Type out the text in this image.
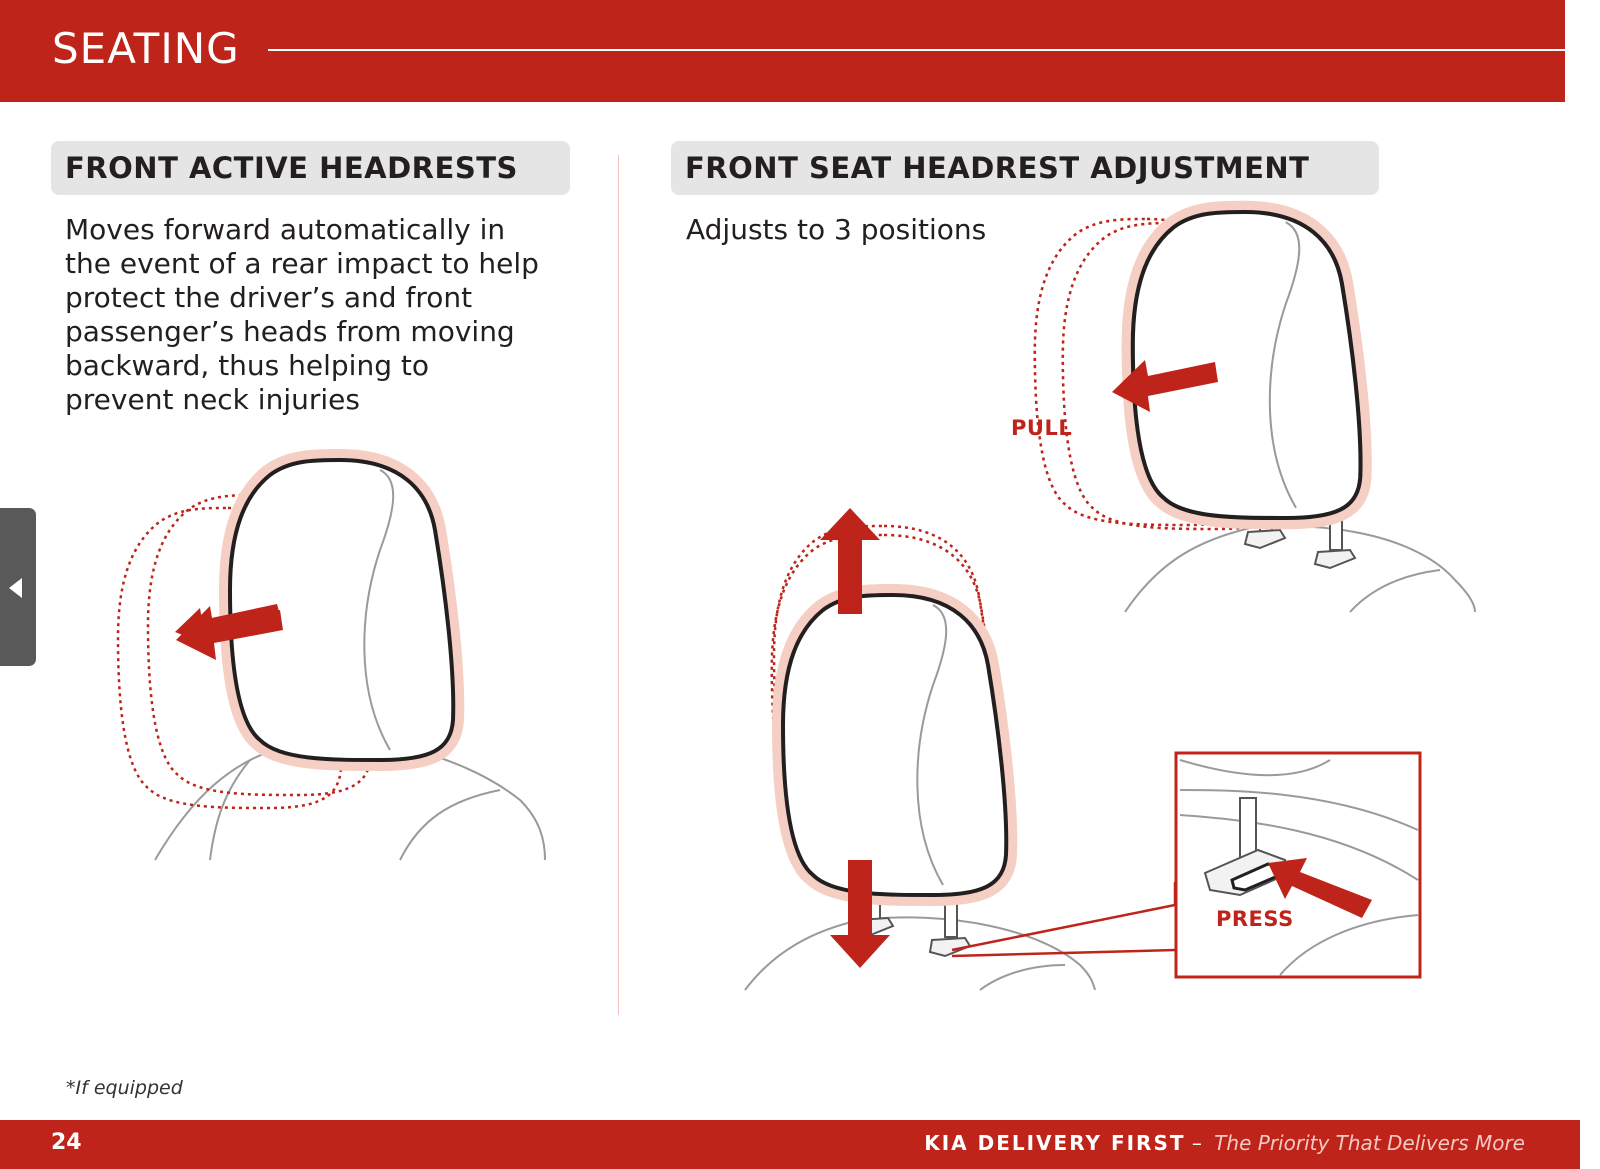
SEATING
FRONT ACTIVE HEADRESTS	FRONT SEAT HEADREST ADJUSTMENT

Moves forward automatically in the event of a rear impact to help protect the driver’s and front passenger’s heads from moving backward, thus helping to prevent neck injuries

Adjusts to 3 positions

PULL
PRESS
*If equipped
24	KIA DELIVERY FIRST – The Priority That Delivers More
